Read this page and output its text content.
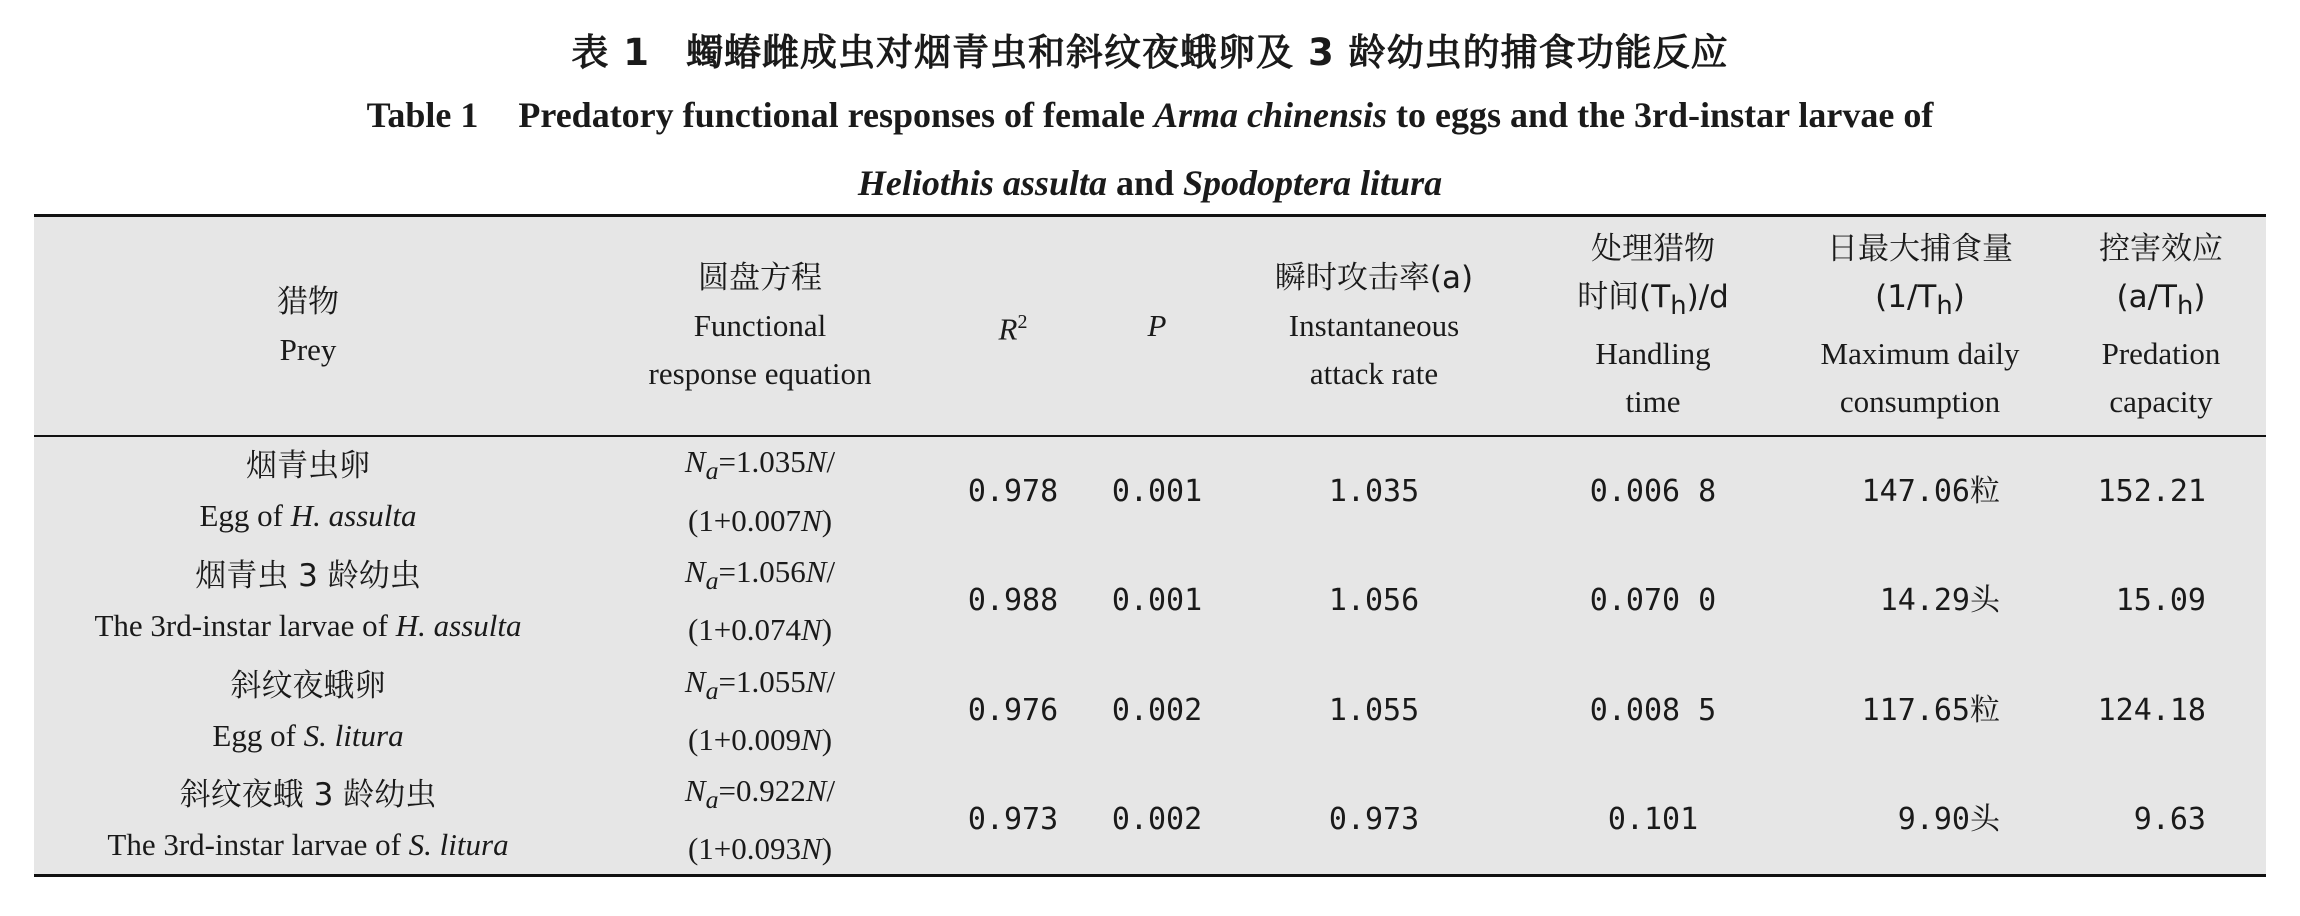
表 1 蠋蝽雌成虫对烟青虫和斜纹夜蛾卵及 3 龄幼虫的捕食功能反应
Table 1 Predatory functional responses of female Arma chinensis to eggs and the 3rd-instar larvae of
Heliothis assulta and Spodoptera litura
猎物
Prey	圆盘方程
Functional
response equation	$R^2$	P	瞬时攻击率(a)
Instantaneous
attack rate	处理猎物
时间$(T_h)/d$
Handling
time	日最大捕食量
$(1/T_h)$
Maximum daily
consumption	控害效应
$(a/T_h)$
Predation
capacity

烟青虫卵
Egg of H. assulta	$N_a=1.035N/$
(1+0.007N)	0.978	0.001	1.035	0.006 8	147.06粒	152.21

烟青虫 3 龄幼虫
The 3rd-instar larvae of H. assulta	$N_a=1.056N/$
(1+0.074N)	0.988	0.001	1.056	0.070 0	14.29头	15.09

斜纹夜蛾卵
Egg of S. litura	$N_a=1.055N/$
(1+0.009N)	0.976	0.002	1.055	0.008 5	117.65粒	124.18

斜纹夜蛾 3 龄幼虫
The 3rd-instar larvae of S. litura	$N_a=0.922N/$
(1+0.093N)	0.973	0.002	0.973	0.101	9.90头	9.63
